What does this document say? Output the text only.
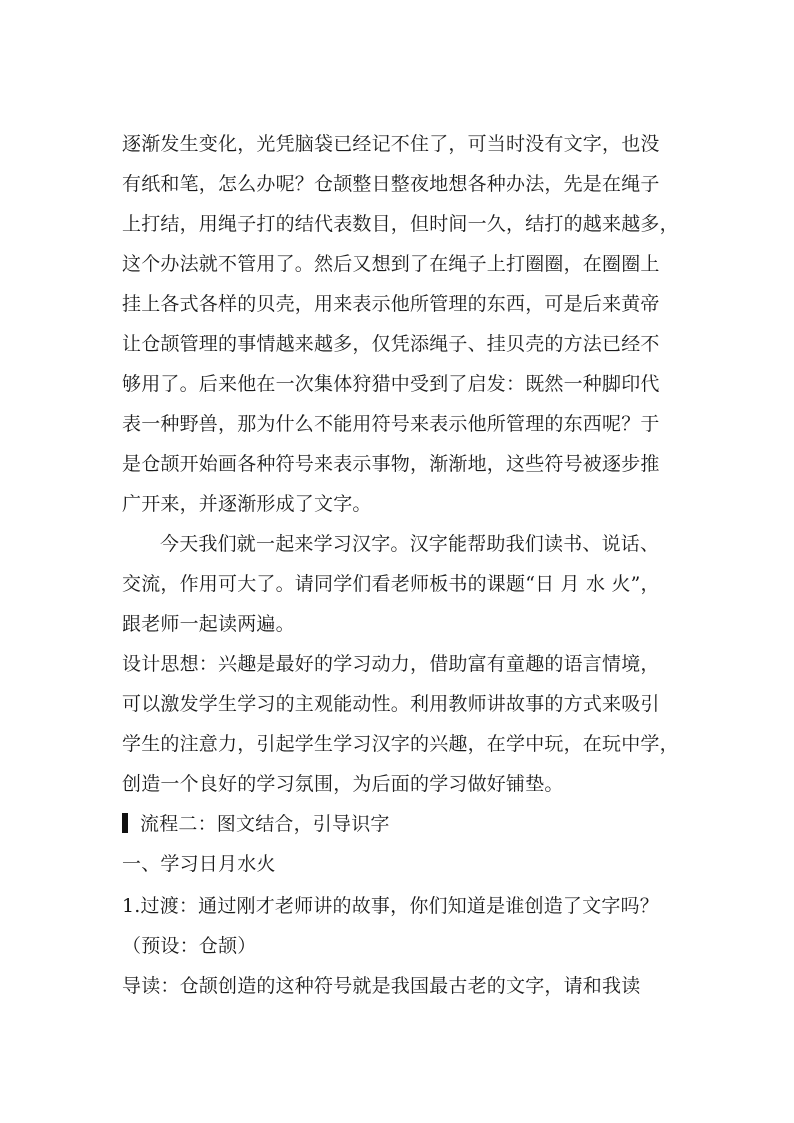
逐渐发生变化，光凭脑袋已经记不住了，可当时没有文字，也没
有纸和笔，怎么办呢？仓颉整日整夜地想各种办法，先是在绳子
上打结，用绳子打的结代表数目，但时间一久，结打的越来越多，
这个办法就不管用了。然后又想到了在绳子上打圈圈，在圈圈上
挂上各式各样的贝壳，用来表示他所管理的东西，可是后来黄帝
让仓颉管理的事情越来越多，仅凭添绳子、挂贝壳的方法已经不
够用了。后来他在一次集体狩猎中受到了启发：既然一种脚印代
表一种野兽，那为什么不能用符号来表示他所管理的东西呢？于
是仓颉开始画各种符号来表示事物，渐渐地，这些符号被逐步推
广开来，并逐渐形成了文字。
今天我们就一起来学习汉字。汉字能帮助我们读书、说话、
交流，作用可大了。请同学们看老师板书的课题“日 月 水 火”，
跟老师一起读两遍。
设计思想：兴趣是最好的学习动力，借助富有童趣的语言情境，
可以激发学生学习的主观能动性。利用教师讲故事的方式来吸引
学生的注意力，引起学生学习汉字的兴趣，在学中玩，在玩中学，
创造一个良好的学习氛围，为后面的学习做好铺垫。
流程二：图文结合，引导识字
一、学习日月水火
1.过渡：通过刚才老师讲的故事，你们知道是谁创造了文字吗？
（预设：仓颉）
导读：仓颉创造的这种符号就是我国最古老的文字，请和我读
